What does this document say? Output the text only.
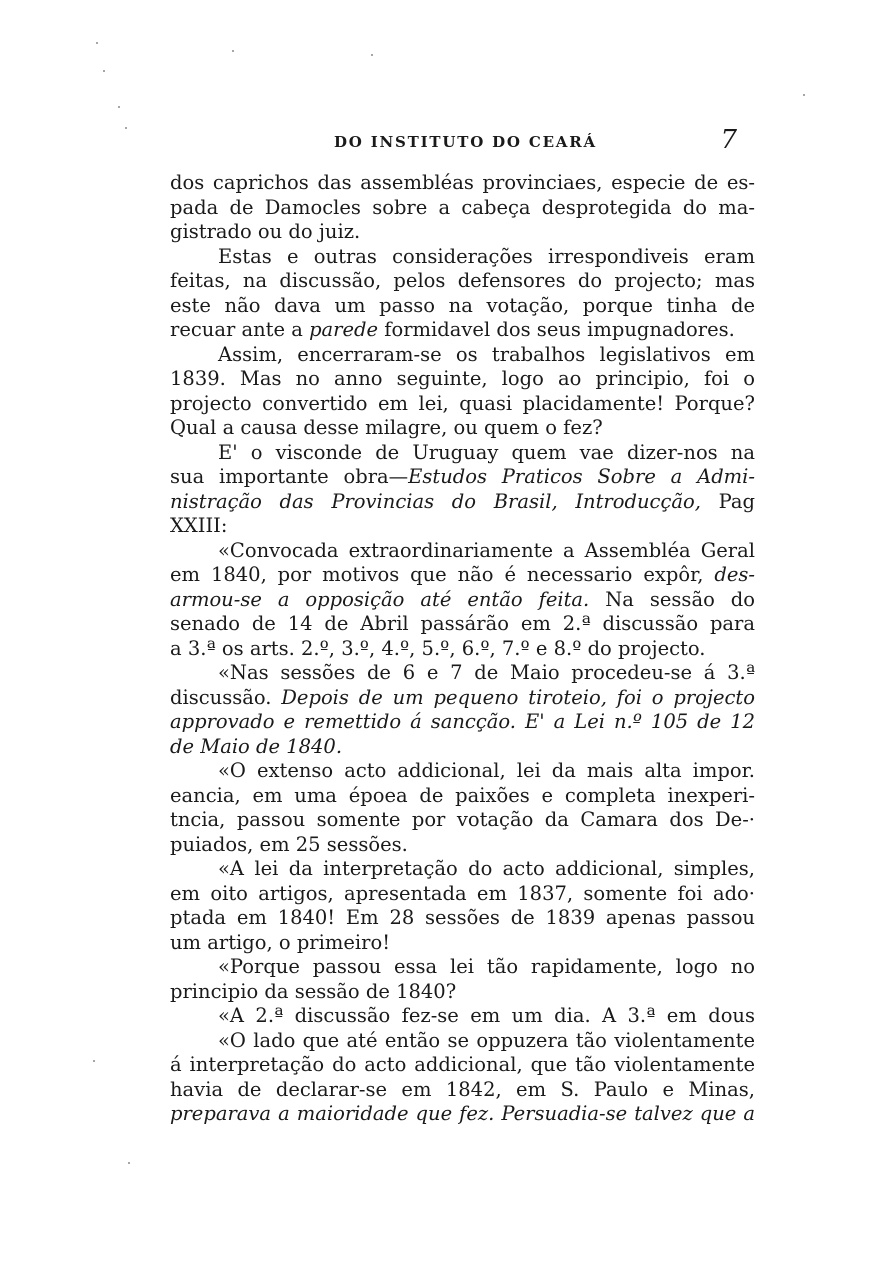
DO INSTITUTO DO CEARÁ	7
dos caprichos das assembléas provinciaes, especie de es-
pada de Damocles sobre a cabeça desprotegida do ma-
gistrado ou do juiz.
Estas e outras considerações irrespondiveis eram
feitas, na discussão, pelos defensores do projecto; mas
este não dava um passo na votação, porque tinha de
recuar ante a parede formidavel dos seus impugnadores.
Assim, encerraram-se os trabalhos legislativos em
1839. Mas no anno seguinte, logo ao principio, foi o
projecto convertido em lei, quasi placidamente! Porque?
Qual a causa desse milagre, ou quem o fez?
E' o visconde de Uruguay quem vae dizer-nos na
sua importante obra—Estudos Praticos Sobre a Admi-
nistração das Provincias do Brasil, Introducção, Pag
XXIII:
«Convocada extraordinariamente a Assembléa Geral
em 1840, por motivos que não é necessario expôr, des-
armou-se a opposição até então feita. Na sessão do
senado de 14 de Abril passárão em 2.ª discussão para
a 3.ª os arts. 2.º, 3.º, 4.º, 5.º, 6.º, 7.º e 8.º do projecto.
«Nas sessões de 6 e 7 de Maio procedeu-se á 3.ª
discussão. Depois de um pequeno tiroteio, foi o projecto
approvado e remettido á sancção. E' a Lei n.º 105 de 12
de Maio de 1840.
«O extenso acto addicional, lei da mais alta impor.
eancia, em uma époea de paixões e completa inexperi-
tncia, passou somente por votação da Camara dos De-·
puiados, em 25 sessões.
«A lei da interpretação do acto addicional, simples,
em oito artigos, apresentada em 1837, somente foi ado·
ptada em 1840! Em 28 sessões de 1839 apenas passou
um artigo, o primeiro!
«Porque passou essa lei tão rapidamente, logo no
principio da sessão de 1840?
«A 2.ª discussão fez-se em um dia. A 3.ª em dous
«O lado que até então se oppuzera tão violentamente
á interpretação do acto addicional, que tão violentamente
havia de declarar-se em 1842, em S. Paulo e Minas,
preparava a maioridade que fez. Persuadia-se talvez que a
